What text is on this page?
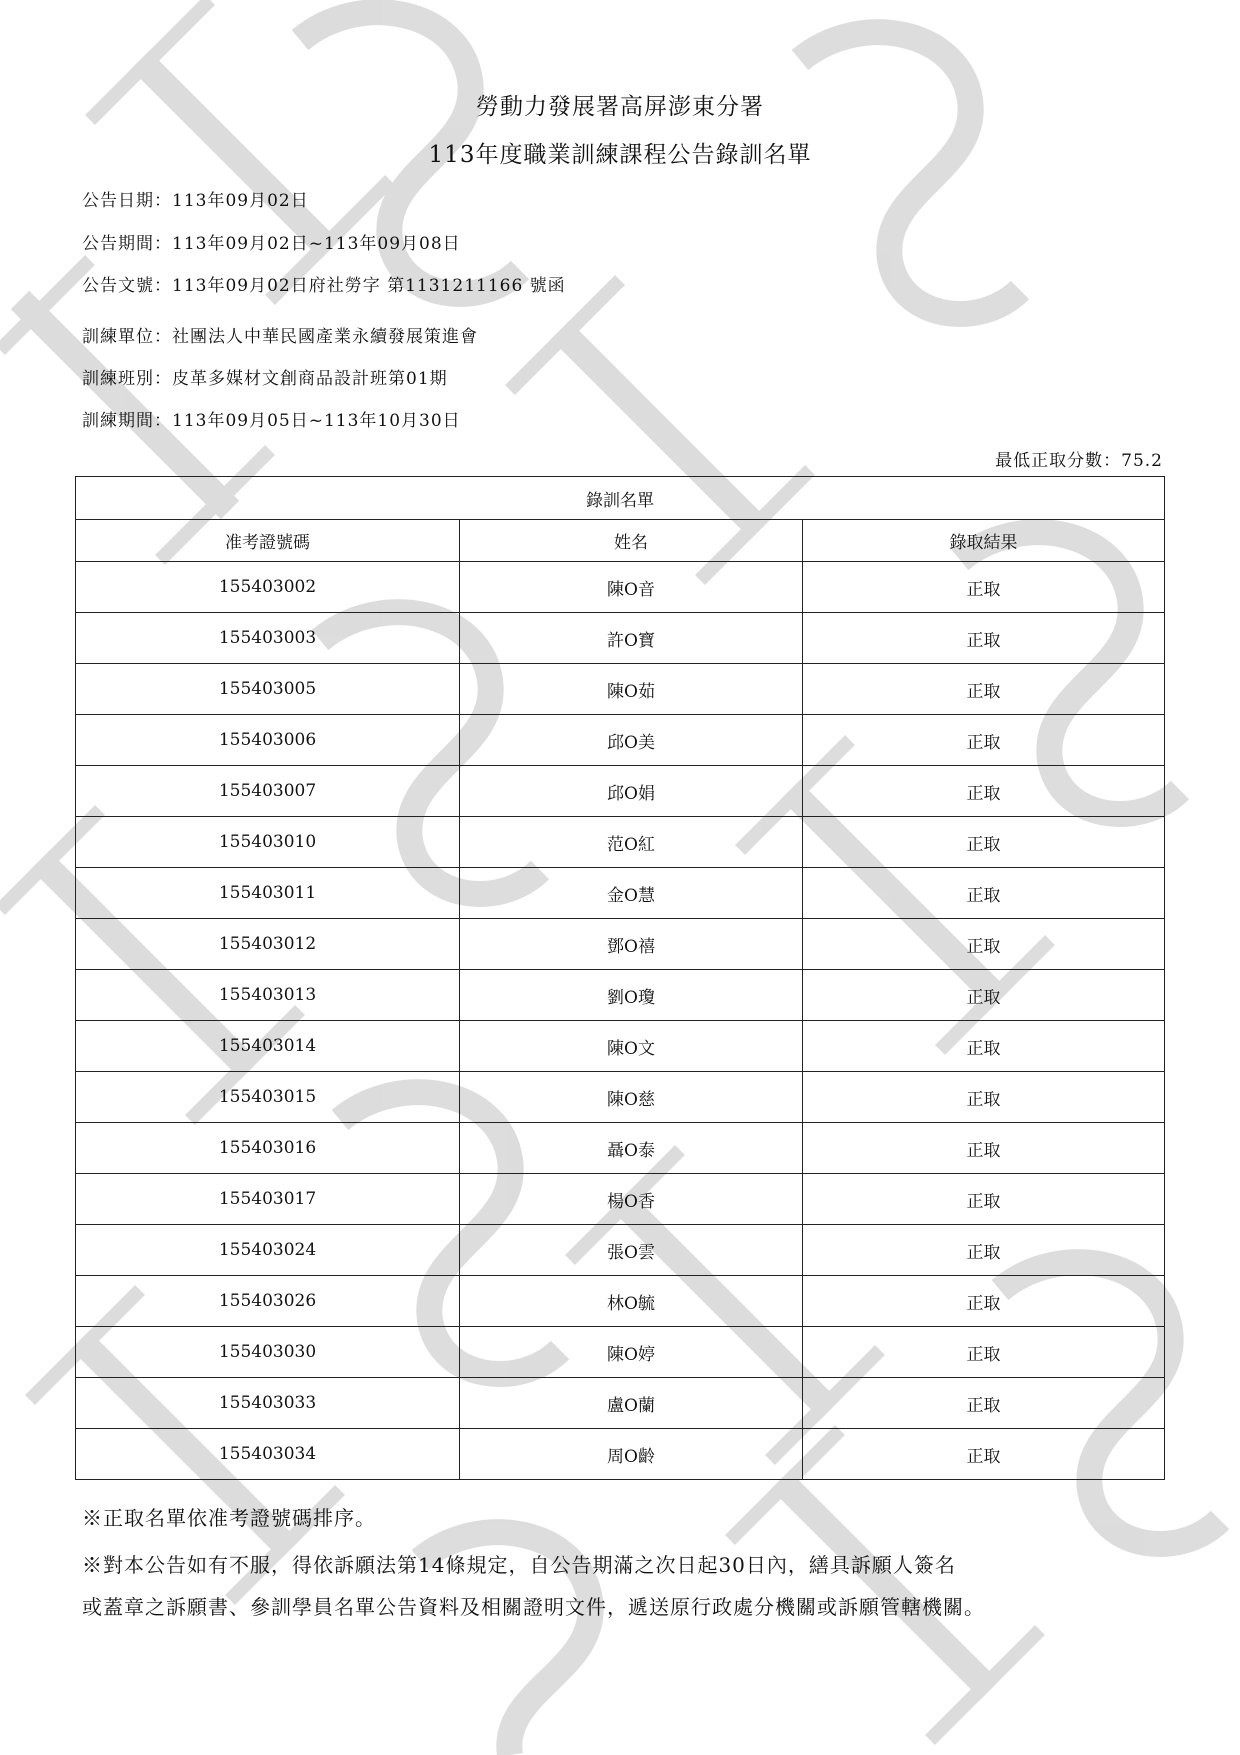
勞動力發展署高屏澎東分署
113年度職業訓練課程公告錄訓名單
公告日期：113年09月02日
公告期間：113年09月02日~113年09月08日
公告文號：113年09月02日府社勞字 第1131211166 號函
訓練單位：社團法人中華民國產業永續發展策進會
訓練班別：皮革多媒材文創商品設計班第01期
訓練期間：113年09月05日~113年10月30日
最低正取分數：75.2
錄訓名單		
准考證號碼	姓名	錄取結果
155403002	陳O音	正取
155403003	許O寶	正取
155403005	陳O茹	正取
155403006	邱O美	正取
155403007	邱O娟	正取
155403010	范O紅	正取
155403011	金O慧	正取
155403012	鄧O禧	正取
155403013	劉O瓊	正取
155403014	陳O文	正取
155403015	陳O慈	正取
155403016	聶O泰	正取
155403017	楊O香	正取
155403024	張O雲	正取
155403026	林O毓	正取
155403030	陳O婷	正取
155403033	盧O蘭	正取
155403034	周O齡	正取
※正取名單依准考證號碼排序。
※對本公告如有不服，得依訴願法第14條規定，自公告期滿之次日起30日內，繕具訴願人簽名
或蓋章之訴願書、參訓學員名單公告資料及相關證明文件，遞送原行政處分機關或訴願管轄機關。
